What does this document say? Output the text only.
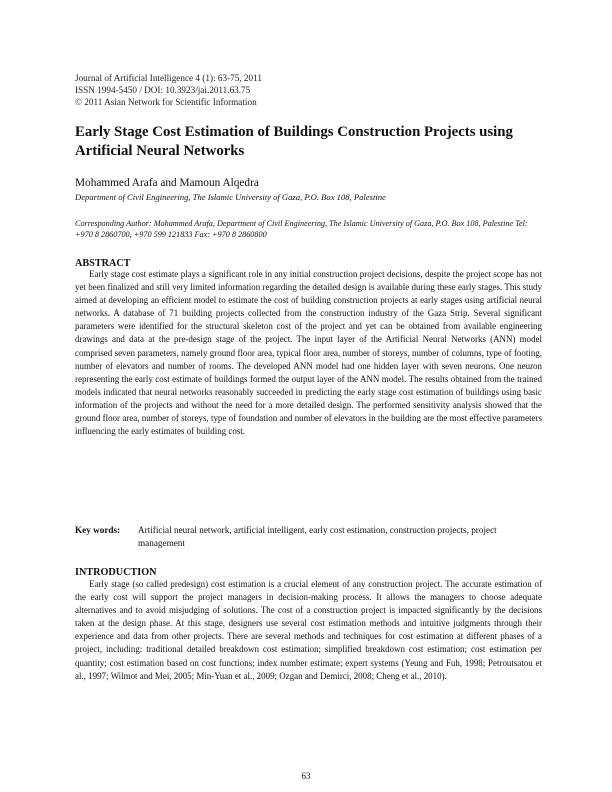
Journal of Artificial Intelligence 4 (1): 63-75, 2011
ISSN 1994-5450 / DOI: 10.3923/jai.2011.63.75
© 2011 Asian Network for Scientific Information
Early Stage Cost Estimation of Buildings Construction Projects using Artificial Neural Networks
Mohammed Arafa and Mamoun Alqedra
Department of Civil Engineering, The Islamic University of Gaza, P.O. Box 108, Palestine
Corresponding Author: Mohammed Arafa, Department of Civil Engineering, The Islamic University of Gaza, P.O. Box 108, Palestine Tel: +970 8 2860700, +970 599 121833 Fax: +970 8 2860800
ABSTRACT

Early stage cost estimate plays a significant role in any initial construction project decisions, despite the project scope has not yet been finalized and still very limited information regarding the detailed design is available during these early stages. This study aimed at developing an efficient model to estimate the cost of building construction projects at early stages using artificial neural networks. A database of 71 building projects collected from the construction industry of the Gaza Strip. Several significant parameters were identified for the structural skeleton cost of the project and yet can be obtained from available engineering drawings and data at the pre-design stage of the project. The input layer of the Artificial Neural Networks (ANN) model comprised seven parameters, namely ground floor area, typical floor area, number of storeys, number of columns, type of footing, number of elevators and number of rooms. The developed ANN model had one hidden layer with seven neurons. One neuron representing the early cost estimate of buildings formed the output layer of the ANN model. The results obtained from the trained models indicated that neural networks reasonably succeeded in predicting the early stage cost estimation of buildings using basic information of the projects and without the need for a more detailed design. The performed sensitivity analysis showed that the ground floor area, number of storeys, type of foundation and number of elevators in the building are the most effective parameters influencing the early estimates of building cost.

Key words: Artificial neural network, artificial intelligent, early cost estimation, construction projects, project management
INTRODUCTION

Early stage (so called predesign) cost estimation is a crucial element of any construction project. The accurate estimation of the early cost will support the project managers in decision-making process. It allows the managers to choose adequate alternatives and to avoid misjudging of solutions. The cost of a construction project is impacted significantly by the decisions taken at the design phase. At this stage, designers use several cost estimation methods and intuitive judgments through their experience and data from other projects. There are several methods and techniques for cost estimation at different phases of a project, including: traditional detailed breakdown cost estimation; simplified breakdown cost estimation; cost estimation per quantity; cost estimation based on cost functions; index number estimate; expert systems (Yeung and Fuh, 1998; Petroutsatou et al., 1997; Wilmot and Mei, 2005; Min-Yuan et al., 2009; Ozgan and Demirci, 2008; Cheng et al., 2010).

63
